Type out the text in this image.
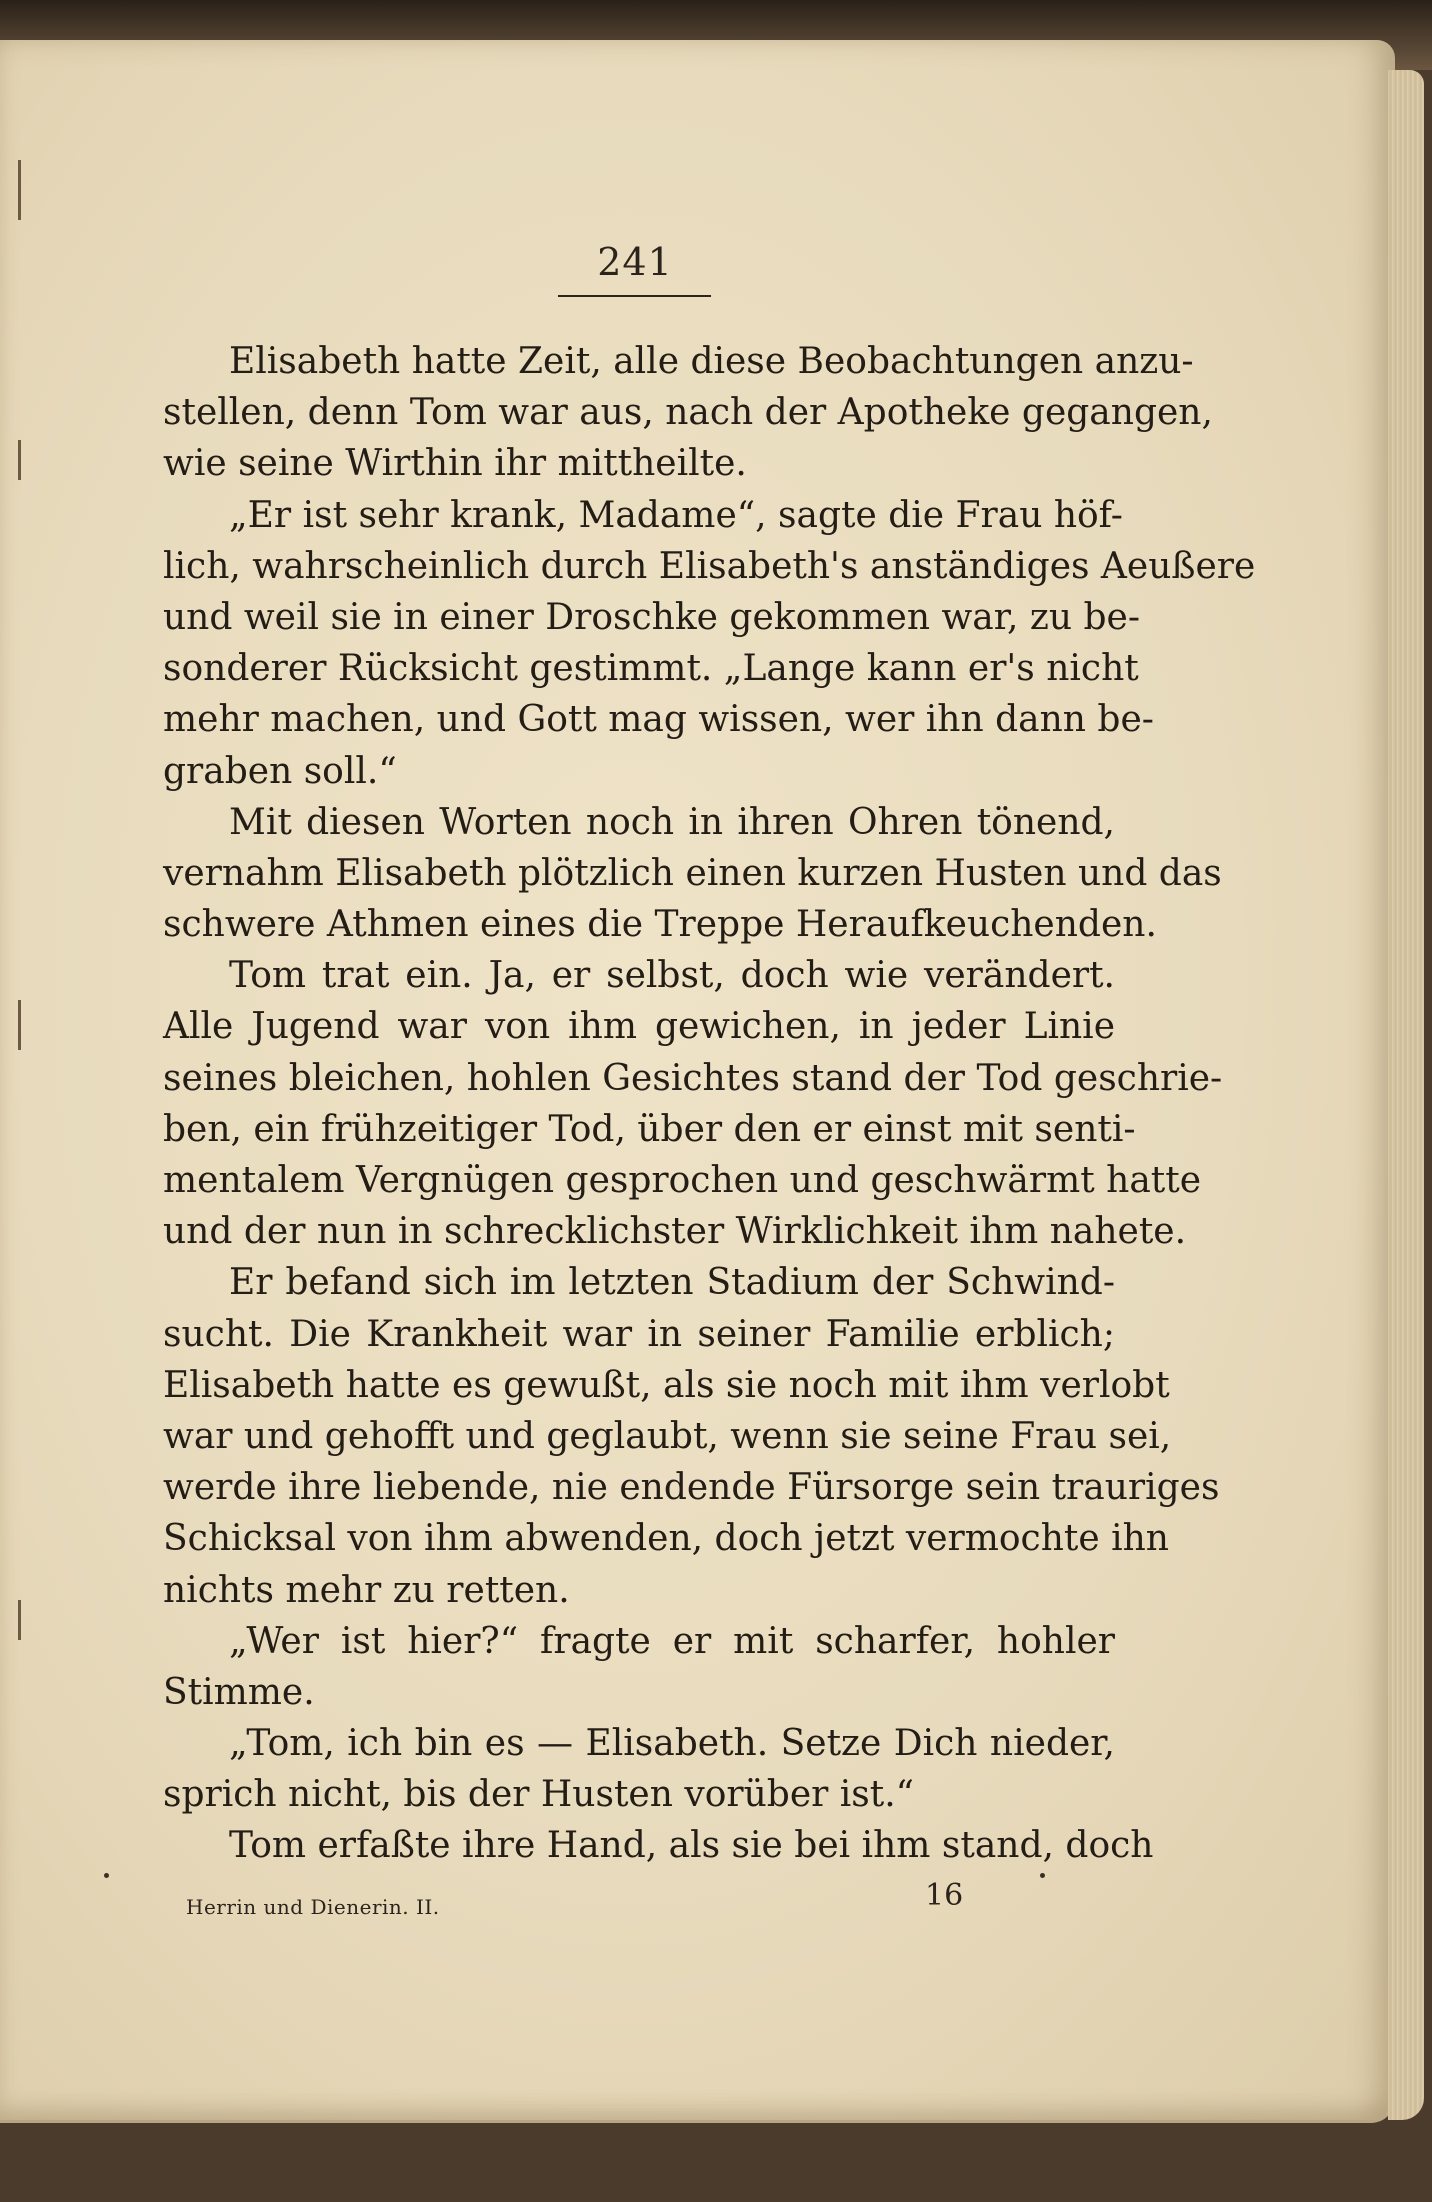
241
Elisabeth hatte Zeit, alle diese Beobachtungen anzu-
stellen, denn Tom war aus, nach der Apotheke gegangen,
wie seine Wirthin ihr mittheilte.
„Er ist sehr krank, Madame“, sagte die Frau höf-
lich, wahrscheinlich durch Elisabeth's anständiges Aeußere
und weil sie in einer Droschke gekommen war, zu be-
sonderer Rücksicht gestimmt. „Lange kann er's nicht
mehr machen, und Gott mag wissen, wer ihn dann be-
graben soll.“
Mit diesen Worten noch in ihren Ohren tönend,
vernahm Elisabeth plötzlich einen kurzen Husten und das
schwere Athmen eines die Treppe Heraufkeuchenden.
Tom trat ein. Ja, er selbst, doch wie verändert.
Alle Jugend war von ihm gewichen, in jeder Linie
seines bleichen, hohlen Gesichtes stand der Tod geschrie-
ben, ein frühzeitiger Tod, über den er einst mit senti-
mentalem Vergnügen gesprochen und geschwärmt hatte
und der nun in schrecklichster Wirklichkeit ihm nahete.
Er befand sich im letzten Stadium der Schwind-
sucht. Die Krankheit war in seiner Familie erblich;
Elisabeth hatte es gewußt, als sie noch mit ihm verlobt
war und gehofft und geglaubt, wenn sie seine Frau sei,
werde ihre liebende, nie endende Fürsorge sein trauriges
Schicksal von ihm abwenden, doch jetzt vermochte ihn
nichts mehr zu retten.
„Wer ist hier?“ fragte er mit scharfer, hohler
Stimme.
„Tom, ich bin es — Elisabeth. Setze Dich nieder,
sprich nicht, bis der Husten vorüber ist.“
Tom erfaßte ihre Hand, als sie bei ihm stand, doch
Herrin und Dienerin. II.	16
